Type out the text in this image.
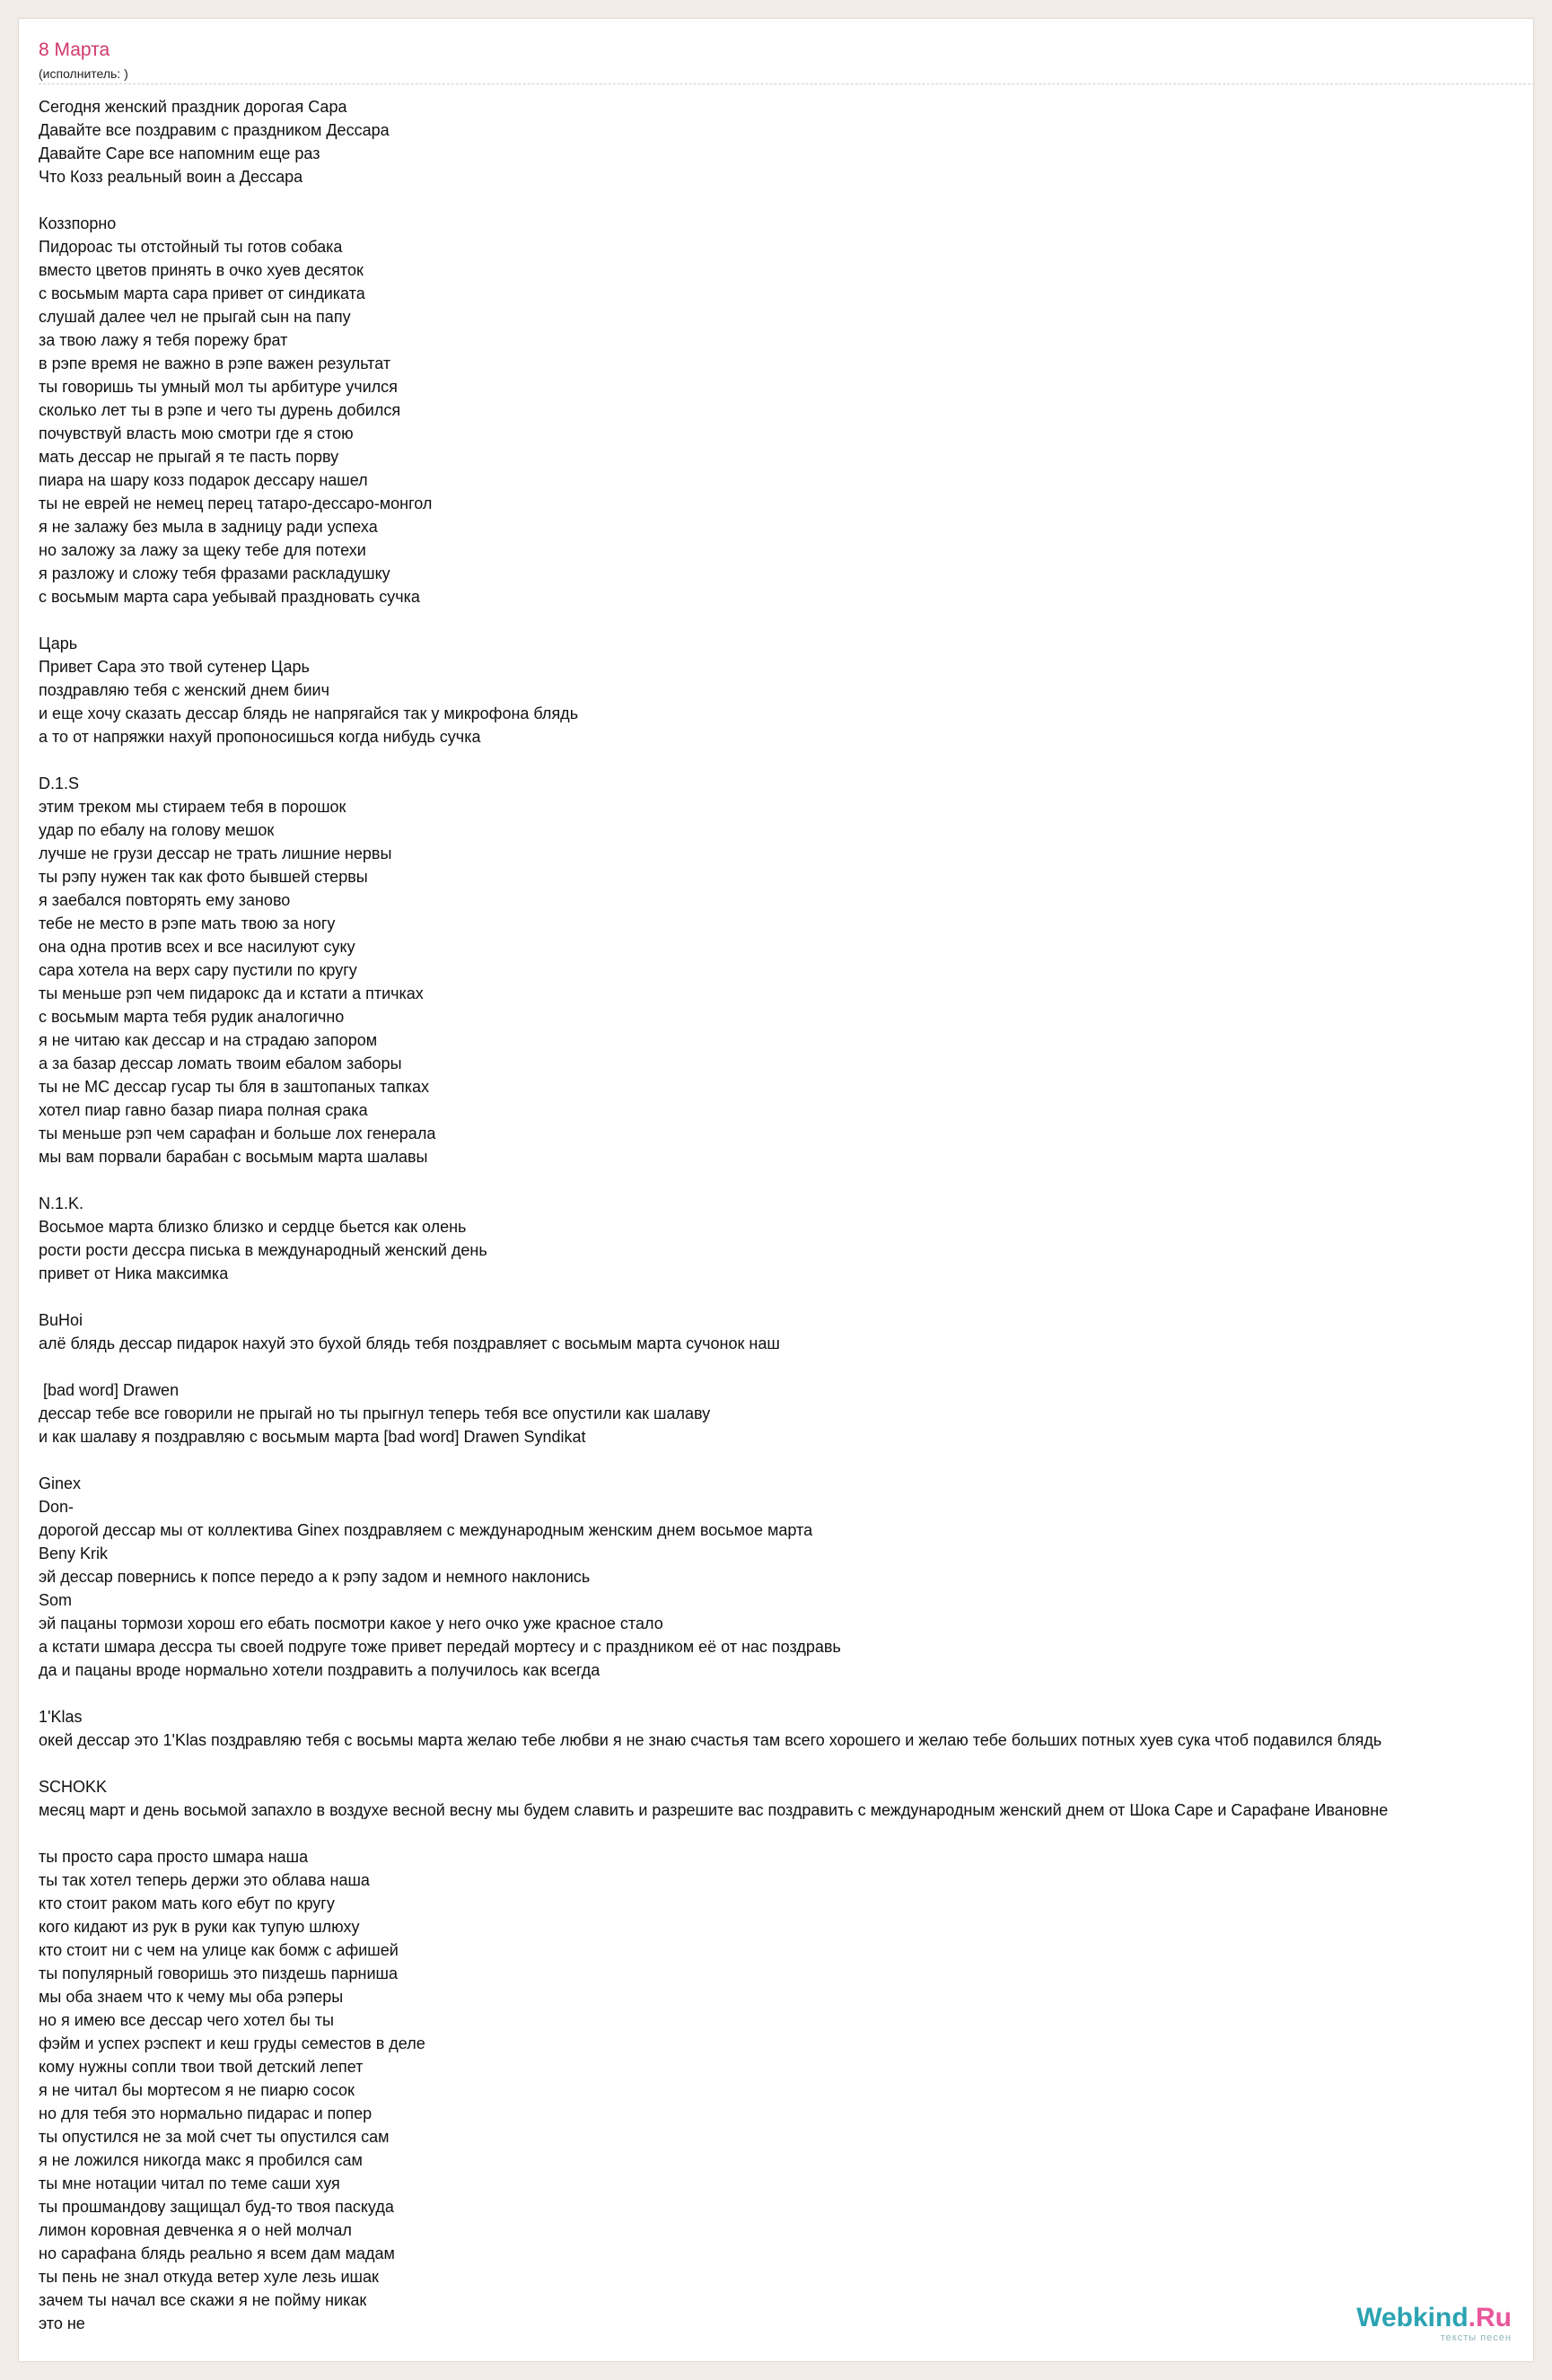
8 Марта
(исполнитель: )
Сегодня женский праздник дорогая Сара
Давайте все поздравим с праздником Дессара
Давайте Саре все напомним еще раз
Что Козз реальный воин а Дессара

Коззпорно
Пидороас ты отстойный ты готов собака
вместо цветов принять в очко хуев десяток
с восьмым марта сара привет от синдиката
слушай далее чел не прыгай сын на папу
за твою лажу я тебя порежу брат
в рэпе время не важно в рэпе важен результат
ты говоришь ты умный мол ты арбитуре учился
сколько лет ты в рэпе и чего ты дурень добился
почувствуй власть мою смотри где я стою
мать дессар не прыгай я те пасть порву
пиара на шару козз подарок дессару нашел
ты не еврей не немец перец татаро-дессаро-монгол
я не залажу без мыла в задницу ради успеха
но заложу за лажу за щеку тебе для потехи
я разложу и сложу тебя фразами раскладушку
с восьмым марта сара уебывай праздновать сучка

Царь
Привет Сара это твой сутенер Царь
поздравляю тебя с женский днем биич
и еще хочу сказать дессар блядь не напрягайся так у микрофона блядь
а то от напряжки нахуй пропоносишься когда нибудь сучка

D.1.S
этим треком мы стираем тебя в порошок
удар по ебалу на голову мешок
лучше не грузи дессар не трать лишние нервы
ты рэпу нужен так как фото бывшей стервы
я заебался повторять ему заново
тебе не место в рэпе мать твою за ногу
она одна против всех и все насилуют суку
сара хотела на верх сару пустили по кругу
ты меньше рэп чем пидарокс да и кстати а птичках
с восьмым марта тебя рудик аналогично
я не читаю как дессар и на страдаю запором
а за базар дессар ломать твоим ебалом заборы
ты не МС дессар гусар ты бля в заштопаных тапках
хотел пиар гавно базар пиара полная срака
ты меньше рэп чем сарафан и больше лох генерала
мы вам порвали барабан с восьмым марта шалавы

N.1.K.
Восьмое марта близко близко и сердце бьется как олень
рости рости дессра писька в международный женский день
привет от Ника максимка

BuHoi
алё блядь дессар пидарок нахуй это бухой блядь тебя поздравляет с восьмым марта сучонок наш

[bad word] Drawen
дессар тебе все говорили не прыгай но ты прыгнул теперь тебя все опустили как шалаву
и как шалаву я поздравляю с восьмым марта [bad word] Drawen Syndikat

Ginex
Don-
дорогой дессар мы от коллектива Ginex поздравляем с международным женским днем восьмое марта
Beny Krik
эй дессар повернись к попсе передо а к рэпу задом и немного наклонись
Som
эй пацаны тормози хорош его ебать посмотри какое у него очко уже красное стало
а кстати шмара дессра ты своей подруге тоже привет передай мортесу и с праздником её от нас поздравь
да и пацаны вроде нормально хотели поздравить а получилось как всегда

1'Klas
окей дессар это 1'Klas поздравляю тебя с восьмы марта желаю тебе любви я не знаю счастья там всего хорошего и желаю тебе больших потных хуев сука чтоб подавился блядь

SCHOKK
месяц март и день восьмой запахло в воздухе весной весну мы будем славить и разрешите вас поздравить с международным женский днем от Шока Саре и Сарафане Ивановне

ты просто сара просто шмара наша
ты так хотел теперь держи это облава наша
кто стоит раком мать кого ебут по кругу
кого кидают из рук в руки как тупую шлюху
кто стоит ни с чем на улице как бомж с афишей
ты популярный говоришь это пиздешь парниша
мы оба знаем что к чему мы оба рэперы
но я имею все дессар чего хотел бы ты
фэйм и успех рэспект и кеш груды семестов в деле
кому нужны сопли твои твой детский лепет
я не читал бы мортесом я не пиарю сосок
но для тебя это нормально пидарас и попер
ты опустился не за мой счет ты опустился сам
я не ложился никогда макс я пробился сам
ты мне нотации читал по теме саши хуя
ты прошмандову защищал буд-то твоя паскуда
лимон коровная девченка я о ней молчал
но сарафана блядь реально я всем дам мадам
ты пень не знал откуда ветер хуле лезь ишак
зачем ты начал все скажи я не пойму никак
это не	Webkind.Ru
тексты песен
